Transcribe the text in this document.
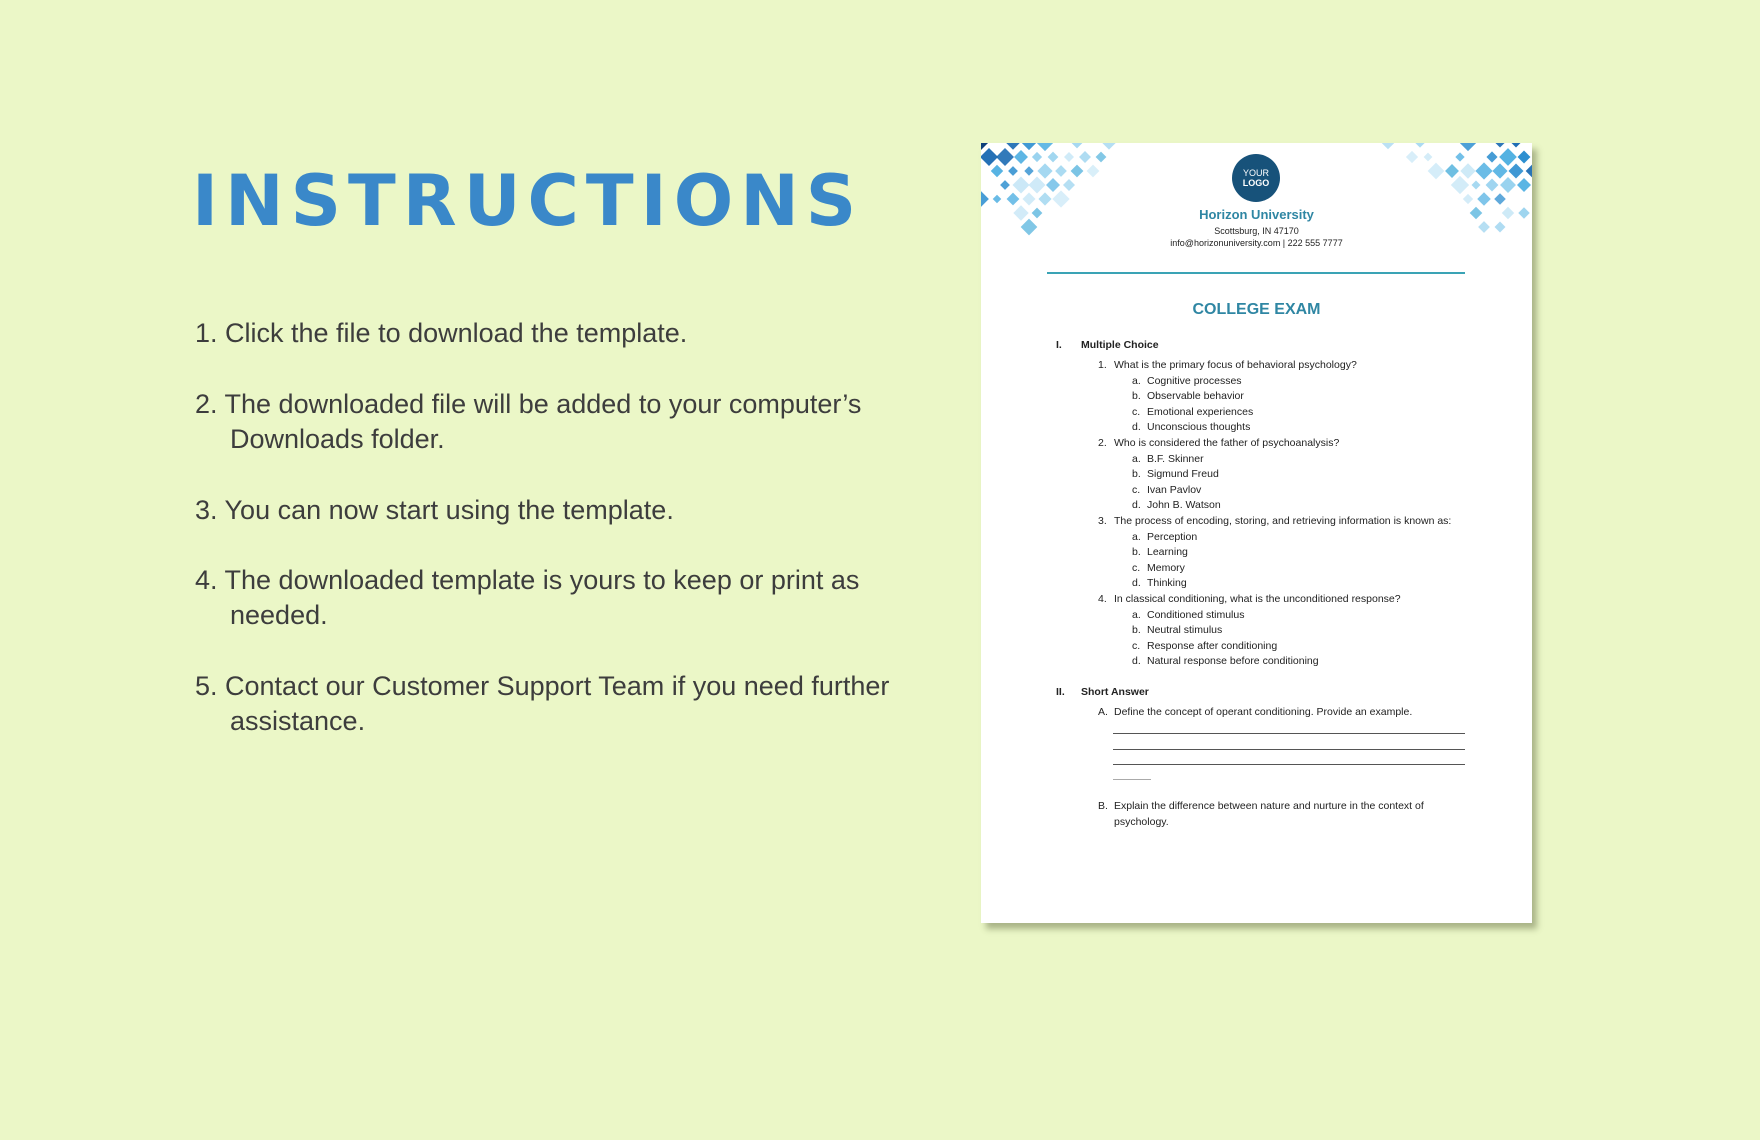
INSTRUCTIONS
1. Click the file to download the template.
2. The downloaded file will be added to your computer’s
Downloads folder.
3. You can now start using the template.
4. The downloaded template is yours to keep or print as
needed.
5. Contact our Customer Support Team if you need further
assistance.
YOUR
LOGO
Horizon University
Scottsburg, IN 47170
info@horizonuniversity.com | 222 555 7777
COLLEGE EXAM
I. Multiple Choice
1. What is the primary focus of behavioral psychology?
a. Cognitive processes
b. Observable behavior
c. Emotional experiences
d. Unconscious thoughts
2. Who is considered the father of psychoanalysis?
a. B.F. Skinner
b. Sigmund Freud
c. Ivan Pavlov
d. John B. Watson
3. The process of encoding, storing, and retrieving information is known as:
a. Perception
b. Learning
c. Memory
d. Thinking
4. In classical conditioning, what is the unconditioned response?
a. Conditioned stimulus
b. Neutral stimulus
c. Response after conditioning
d. Natural response before conditioning
II. Short Answer
A. Define the concept of operant conditioning. Provide an example.
B. Explain the difference between nature and nurture in the context of
psychology.
